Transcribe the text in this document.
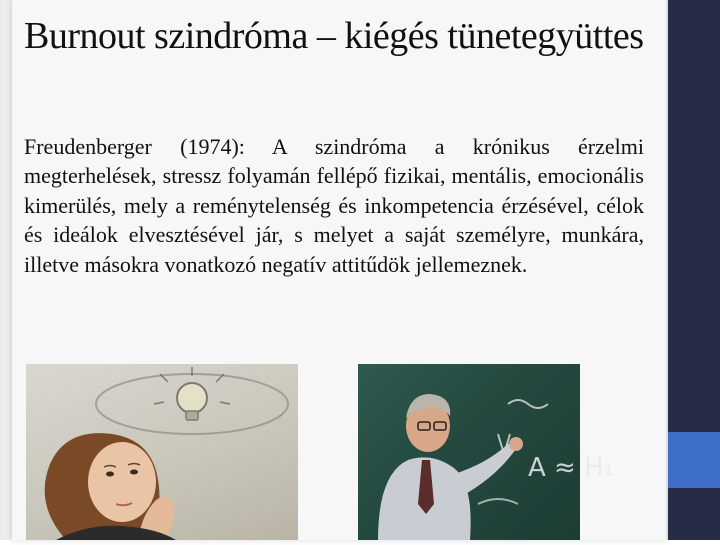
Burnout szindróma – kiégés tünetegyüttes
Freudenberger (1974): A szindróma a krónikus érzelmi megterhelések, stressz folyamán fellépő fizikai, mentális, emocionális kimerülés, mely a reménytelenség és inkompetencia érzésével, célok és ideálok elvesztésével jár, s melyet a saját személyre, munkára, illetve másokra vonatkozó negatív attitűdök jellemeznek.
A ≈ H₁
